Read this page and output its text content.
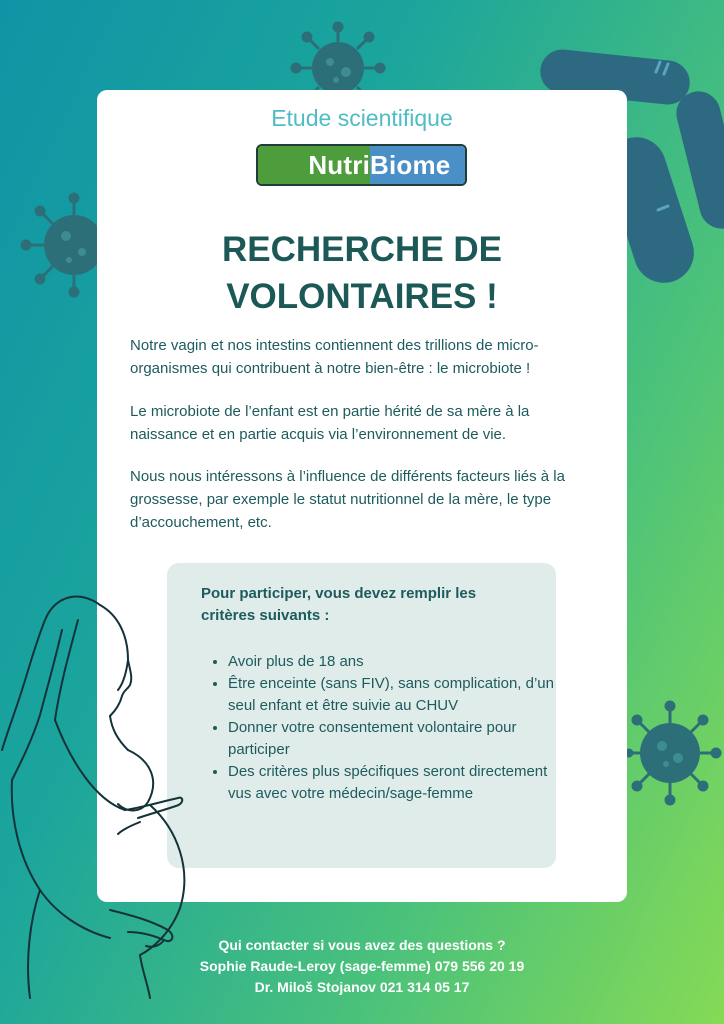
Etude scientifique
Nutri Biome
RECHERCHE DE
VOLONTAIRES !

Notre vagin et nos intestins contiennent des trillions de micro-organismes qui contribuent à notre bien-être : le microbiote !

Le microbiote de l’enfant est en partie hérité de sa mère à la naissance et en partie acquis via l’environnement de vie.

Nous nous intéressons à l’influence de différents facteurs liés à la grossesse, par exemple le statut nutritionnel de la mère, le type d’accouchement, etc.

Pour participer, vous devez remplir les critères suivants :
• Avoir plus de 18 ans
• Être enceinte (sans FIV), sans complication, d’un seul enfant et être suivie au CHUV
• Donner votre consentement volontaire pour participer
• Des critères plus spécifiques seront directement vus avec votre médecin/sage-femme
Qui contacter si vous avez des questions ?
Sophie Raude-Leroy (sage-femme) 079 556 20 19
Dr. Miloš Stojanov 021 314 05 17
